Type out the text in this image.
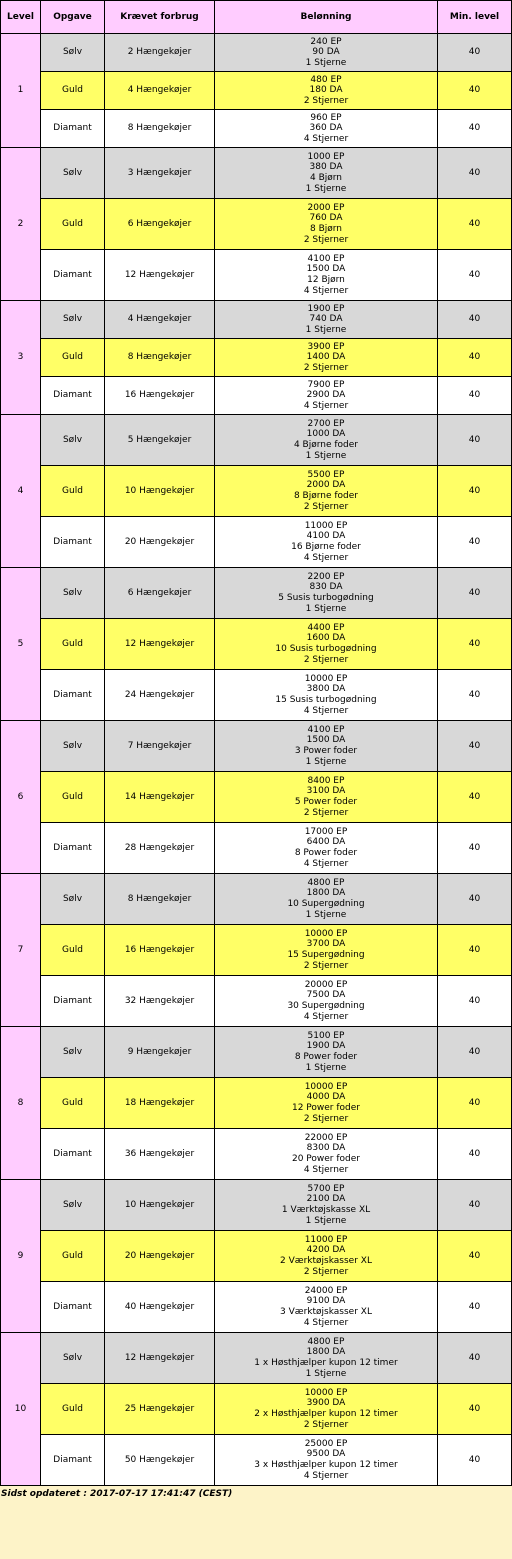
Level	Opgave	Krævet forbrug	Belønning	Min. level
1	Sølv	2 Hængekøjer	240 EP
90 DA
1 Stjerne	40
	Guld	4 Hængekøjer	480 EP
180 DA
2 Stjerner	40
	Diamant	8 Hængekøjer	960 EP
360 DA
4 Stjerner	40
2	Sølv	3 Hængekøjer	1000 EP
380 DA
4 Bjørn
1 Stjerne	40
	Guld	6 Hængekøjer	2000 EP
760 DA
8 Bjørn
2 Stjerner	40
	Diamant	12 Hængekøjer	4100 EP
1500 DA
12 Bjørn
4 Stjerner	40
3	Sølv	4 Hængekøjer	1900 EP
740 DA
1 Stjerne	40
	Guld	8 Hængekøjer	3900 EP
1400 DA
2 Stjerner	40
	Diamant	16 Hængekøjer	7900 EP
2900 DA
4 Stjerner	40
4	Sølv	5 Hængekøjer	2700 EP
1000 DA
4 Bjørne foder
1 Stjerne	40
	Guld	10 Hængekøjer	5500 EP
2000 DA
8 Bjørne foder
2 Stjerner	40
	Diamant	20 Hængekøjer	11000 EP
4100 DA
16 Bjørne foder
4 Stjerner	40
5	Sølv	6 Hængekøjer	2200 EP
830 DA
5 Susis turbogødning
1 Stjerne	40
	Guld	12 Hængekøjer	4400 EP
1600 DA
10 Susis turbogødning
2 Stjerner	40
	Diamant	24 Hængekøjer	10000 EP
3800 DA
15 Susis turbogødning
4 Stjerner	40
6	Sølv	7 Hængekøjer	4100 EP
1500 DA
3 Power foder
1 Stjerne	40
	Guld	14 Hængekøjer	8400 EP
3100 DA
5 Power foder
2 Stjerner	40
	Diamant	28 Hængekøjer	17000 EP
6400 DA
8 Power foder
4 Stjerner	40
7	Sølv	8 Hængekøjer	4800 EP
1800 DA
10 Supergødning
1 Stjerne	40
	Guld	16 Hængekøjer	10000 EP
3700 DA
15 Supergødning
2 Stjerner	40
	Diamant	32 Hængekøjer	20000 EP
7500 DA
30 Supergødning
4 Stjerner	40
8	Sølv	9 Hængekøjer	5100 EP
1900 DA
8 Power foder
1 Stjerne	40
	Guld	18 Hængekøjer	10000 EP
4000 DA
12 Power foder
2 Stjerner	40
	Diamant	36 Hængekøjer	22000 EP
8300 DA
20 Power foder
4 Stjerner	40
9	Sølv	10 Hængekøjer	5700 EP
2100 DA
1 Værktøjskasse XL
1 Stjerne	40
	Guld	20 Hængekøjer	11000 EP
4200 DA
2 Værktøjskasser XL
2 Stjerner	40
	Diamant	40 Hængekøjer	24000 EP
9100 DA
3 Værktøjskasser XL
4 Stjerner	40
10	Sølv	12 Hængekøjer	4800 EP
1800 DA
1 x Høsthjælper kupon 12 timer
1 Stjerne	40
	Guld	25 Hængekøjer	10000 EP
3900 DA
2 x Høsthjælper kupon 12 timer
2 Stjerner	40
	Diamant	50 Hængekøjer	25000 EP
9500 DA
3 x Høsthjælper kupon 12 timer
4 Stjerner	40
Sidst opdateret : 2017-07-17 17:41:47 (CEST)
